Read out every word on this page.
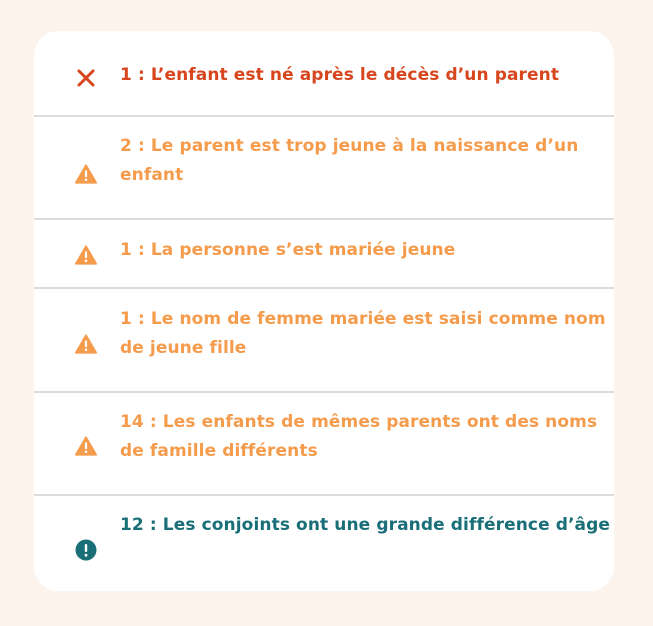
1 : L’enfant est né après le décès d’un parent
2 : Le parent est trop jeune à la naissance d’un enfant
1 : La personne s’est mariée jeune
1 : Le nom de femme mariée est saisi comme nom de jeune fille
14 : Les enfants de mêmes parents ont des noms de famille différents
12 : Les conjoints ont une grande différence d’âge
